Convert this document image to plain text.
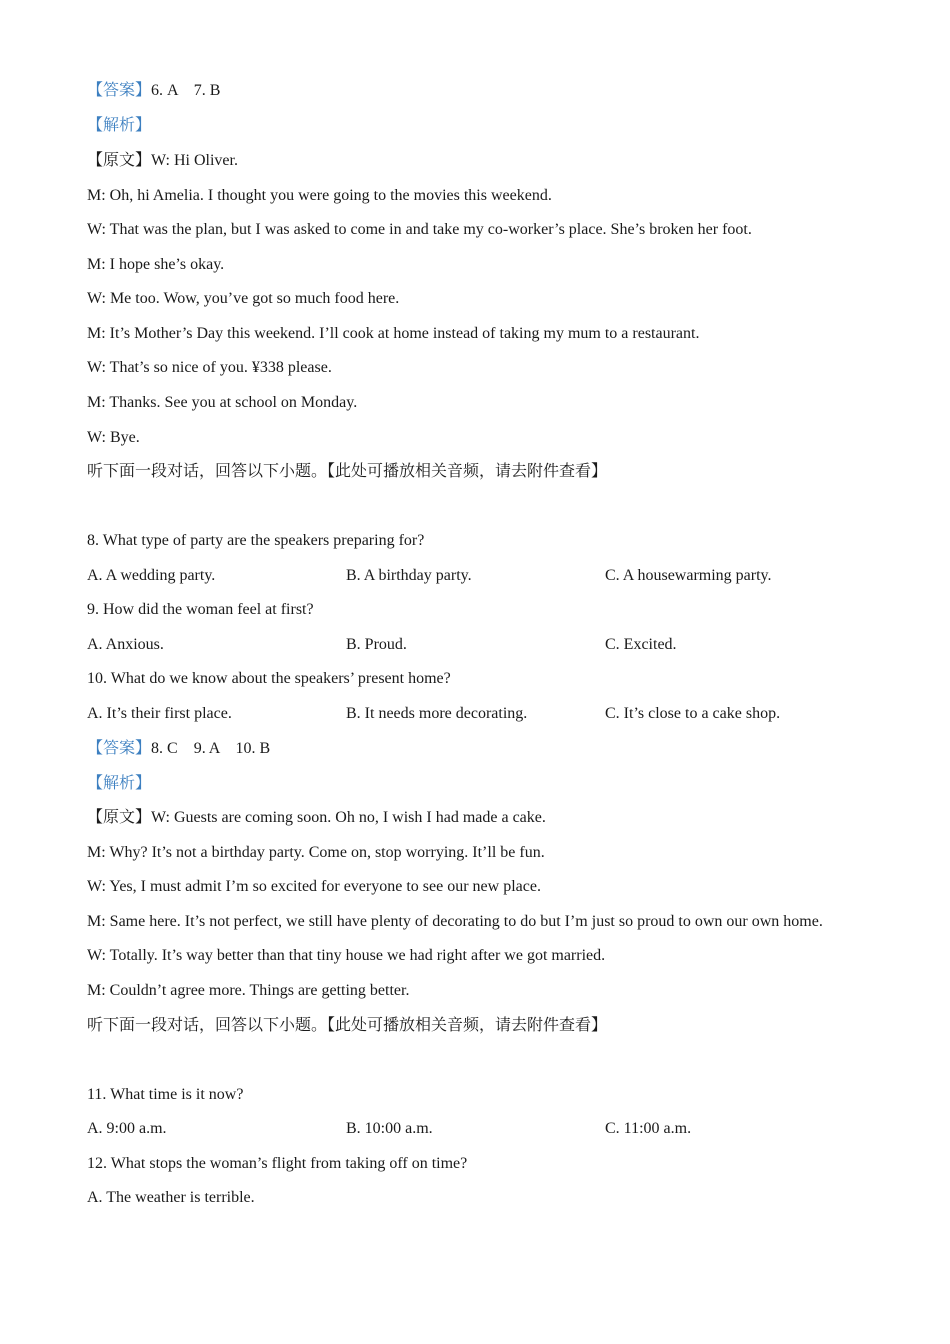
【答案】6. A    7. B
【解析】
【原文】W: Hi Oliver.
M: Oh, hi Amelia. I thought you were going to the movies this weekend.
W: That was the plan, but I was asked to come in and take my co-worker’s place. She’s broken her foot.
M: I hope she’s okay.
W: Me too. Wow, you’ve got so much food here.
M: It’s Mother’s Day this weekend. I’ll cook at home instead of taking my mum to a restaurant.
W: That’s so nice of you. ¥338 please.
M: Thanks. See you at school on Monday.
W: Bye.
听下面一段对话，回答以下小题。【此处可播放相关音频，请去附件查看】
8. What type of party are the speakers preparing for?
A. A wedding party.	B. A birthday party.	C. A housewarming party.
9. How did the woman feel at first?
A. Anxious.	B. Proud.	C. Excited.
10. What do we know about the speakers’ present home?
A. It’s their first place.	B. It needs more decorating.	C. It’s close to a cake shop.
【答案】8. C    9. A    10. B
【解析】
【原文】W: Guests are coming soon. Oh no, I wish I had made a cake.
M: Why? It’s not a birthday party. Come on, stop worrying. It’ll be fun.
W: Yes, I must admit I’m so excited for everyone to see our new place.
M: Same here. It’s not perfect, we still have plenty of decorating to do but I’m just so proud to own our own home.
W: Totally. It’s way better than that tiny house we had right after we got married.
M: Couldn’t agree more. Things are getting better.
听下面一段对话，回答以下小题。【此处可播放相关音频，请去附件查看】
11. What time is it now?
A. 9:00 a.m.	B. 10:00 a.m.	C. 11:00 a.m.
12. What stops the woman’s flight from taking off on time?
A. The weather is terrible.
